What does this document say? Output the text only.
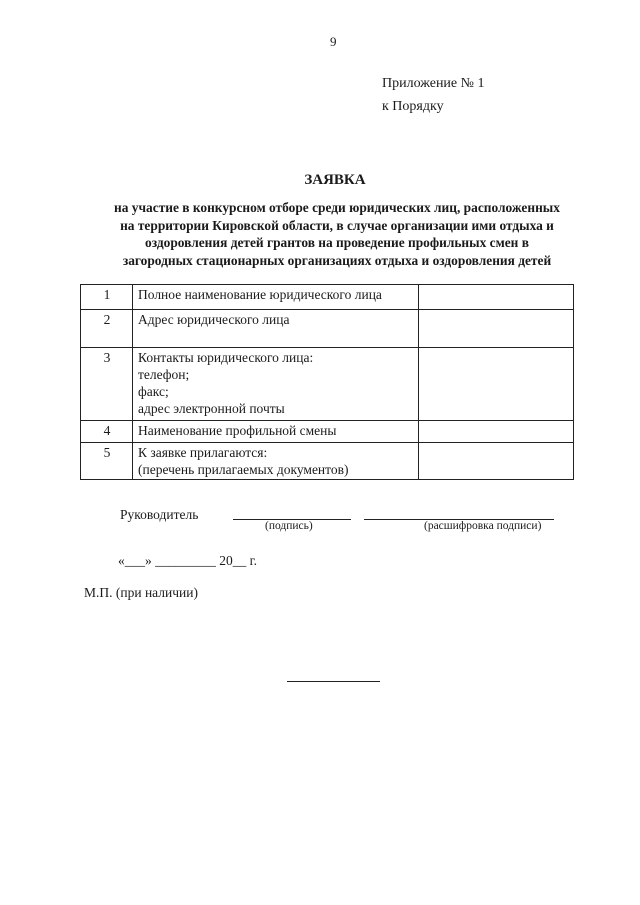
9
Приложение № 1
к Порядку
ЗАЯВКА
на участие в конкурсном отборе среди юридических лиц, расположенных
на территории Кировской области, в случае организации ими отдыха и
оздоровления детей грантов на проведение профильных смен в
загородных стационарных организациях отдыха и оздоровления детей
1	Полное наименование юридического лица	

2	Адрес юридического лица	

3	Контакты юридического лица:
телефон;
факс;
адрес электронной почты	

4	Наименование профильной смены	

5	К заявке прилагаются:
(перечень прилагаемых документов)	

Руководитель
(подпись)	(расшифровка подписи)
«___» _________ 20__ г.
М.П. (при наличии)
